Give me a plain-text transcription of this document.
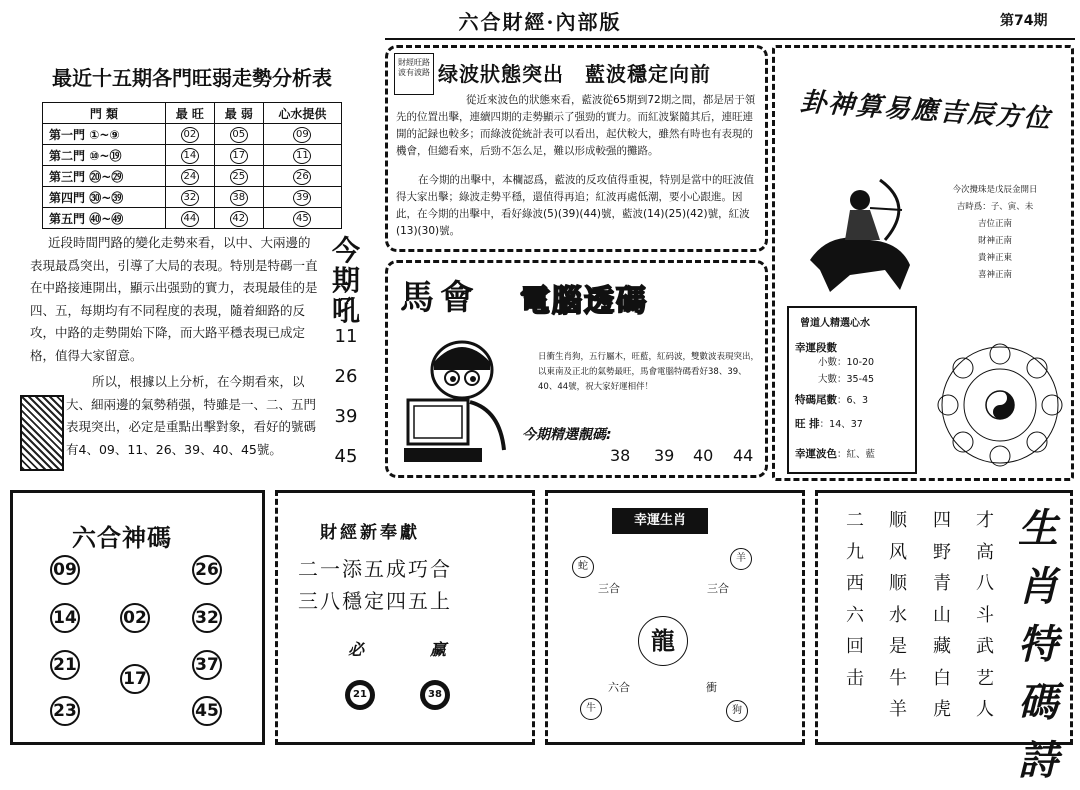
六合財經·內部版	第74期
最近十五期各門旺弱走勢分析表
門 類	最 旺	最 弱	心水提供
第一門 ①~⑨	02	05	09
第二門 ⑩~⑲	14	17	11
第三門 ⑳~㉙	24	25	26
第四門 ㉚~㊴	32	38	39
第五門 ㊵~㊾	44	42	45
近段時間門路的變化走勢來看，以中、大兩邊的表現最爲突出，引導了大局的表現。特別是特碼一直在中路接連開出，顯示出强勁的實力，表現最佳的是四、五，每期均有不同程度的表現，隨着細路的反攻，中路的走勢開始下降，而大路平穩表現已成定格，值得大家留意。
所以，根據以上分析，在今期看來，以大、細兩邊的氣勢稍强，特雖是一、二、五門表現突出，必定是重點出擊對象，看好的號碼有4、09、11、26、39、40、45號。
今期吼
11
26
39
45
財經旺路 波有波路 绿波狀態突出　藍波穩定向前
從近來波色的狀態來看，藍波從65期到72期之間，都是居于領先的位置出擊，連續四期的走勢顯示了强勁的實力。而紅波緊隨其后，連旺連開的記録也較多；而綠波從統計表可以看出，起伏較大，雖然有時也有表現的機會，但總看來，后勁不怎么足，難以形成較强的攤路。
在今期的出擊中，本欄認爲，藍波的反攻值得重視，特别是當中的旺波值得大家出擊；綠波走勢平穩，還值得再追；紅波再處低潮，要小心跟進。因此，在今期的出擊中，看好綠波(5)(39)(44)號，藍波(14)(25)(42)號，紅波(13)(30)號。
馬會 電腦透碼
日衝生肖狗，五行屬木，旺藍，紅码波，雙數波表現突出，以東南及正北的氣勢最旺，馬會電腦特碼看好38、39、40、44號，祝大家好運相伴！
今期精選靚碼:
38 39 40 44
卦神算易應吉辰方位
今次攪珠是戊辰金開日
吉時爲：子、寅、未
吉位正南
財神正南
貴神正東
喜神正南
曾道人精選心水
幸運段數
小數：10-20
大數：35-45
特碼尾數：6、3
旺 排：14、37
幸運波色：紅、藍
六合神碼
09	26
14	02	32
21
17
37
23	45
財經新奉獻
二一添五成巧合
三八穩定四五上
必	赢
21	38
幸運生肖
蛇
羊
三合	三合
龍
六合	衝
牛	狗
二九西六回击
顺风顺水是牛羊
四野青山藏白虎
才高八斗武艺人
生肖特碼詩
